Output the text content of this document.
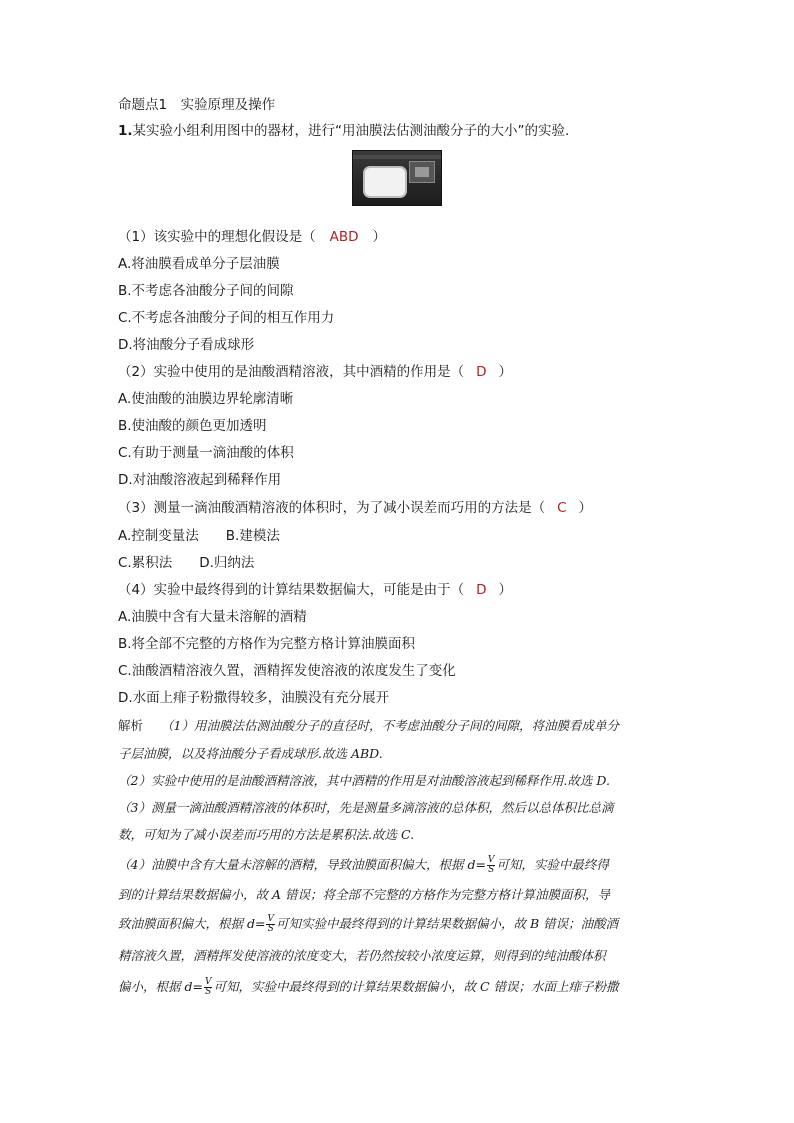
命题点1　实验原理及操作
1.某实验小组利用图中的器材，进行“用油膜法估测油酸分子的大小”的实验.
（1）该实验中的理想化假设是（ ABD ）
A.将油膜看成单分子层油膜
B.不考虑各油酸分子间的间隙
C.不考虑各油酸分子间的相互作用力
D.将油酸分子看成球形
（2）实验中使用的是油酸酒精溶液，其中酒精的作用是（ D ）
A.使油酸的油膜边界轮廓清晰
B.使油酸的颜色更加透明
C.有助于测量一滴油酸的体积
D.对油酸溶液起到稀释作用
（3）测量一滴油酸酒精溶液的体积时，为了减小误差而巧用的方法是（ C ）
A.控制变量法　　B.建模法
C.累积法　　D.归纳法
（4）实验中最终得到的计算结果数据偏大，可能是由于（ D ）
A.油膜中含有大量未溶解的酒精
B.将全部不完整的方格作为完整方格计算油膜面积
C.油酸酒精溶液久置，酒精挥发使溶液的浓度发生了变化
D.水面上痱子粉撒得较多，油膜没有充分展开
解析 （1）用油膜法估测油酸分子的直径时，不考虑油酸分子间的间隙，将油膜看成单分
子层油膜，以及将油酸分子看成球形.故选 ABD.
（2）实验中使用的是油酸酒精溶液，其中酒精的作用是对油酸溶液起到稀释作用.故选 D.
（3）测量一滴油酸酒精溶液的体积时，先是测量多滴溶液的总体积，然后以总体积比总滴
数，可知为了减小误差而巧用的方法是累积法.故选 C.
（4）油膜中含有大量未溶解的酒精，导致油膜面积偏大，根据 $d= \frac{V}{S}$ 可知，实验中最终得
到的计算结果数据偏小，故 A 错误；将全部不完整的方格作为完整方格计算油膜面积，导
致油膜面积偏大，根据 $d= \frac{V}{S}$ 可知实验中最终得到的计算结果数据偏小，故 B 错误；油酸酒
精溶液久置，酒精挥发使溶液的浓度变大，若仍然按较小浓度运算，则得到的纯油酸体积
偏小，根据 $d= \frac{V}{S}$ 可知，实验中最终得到的计算结果数据偏小，故 C 错误；水面上痱子粉撒
